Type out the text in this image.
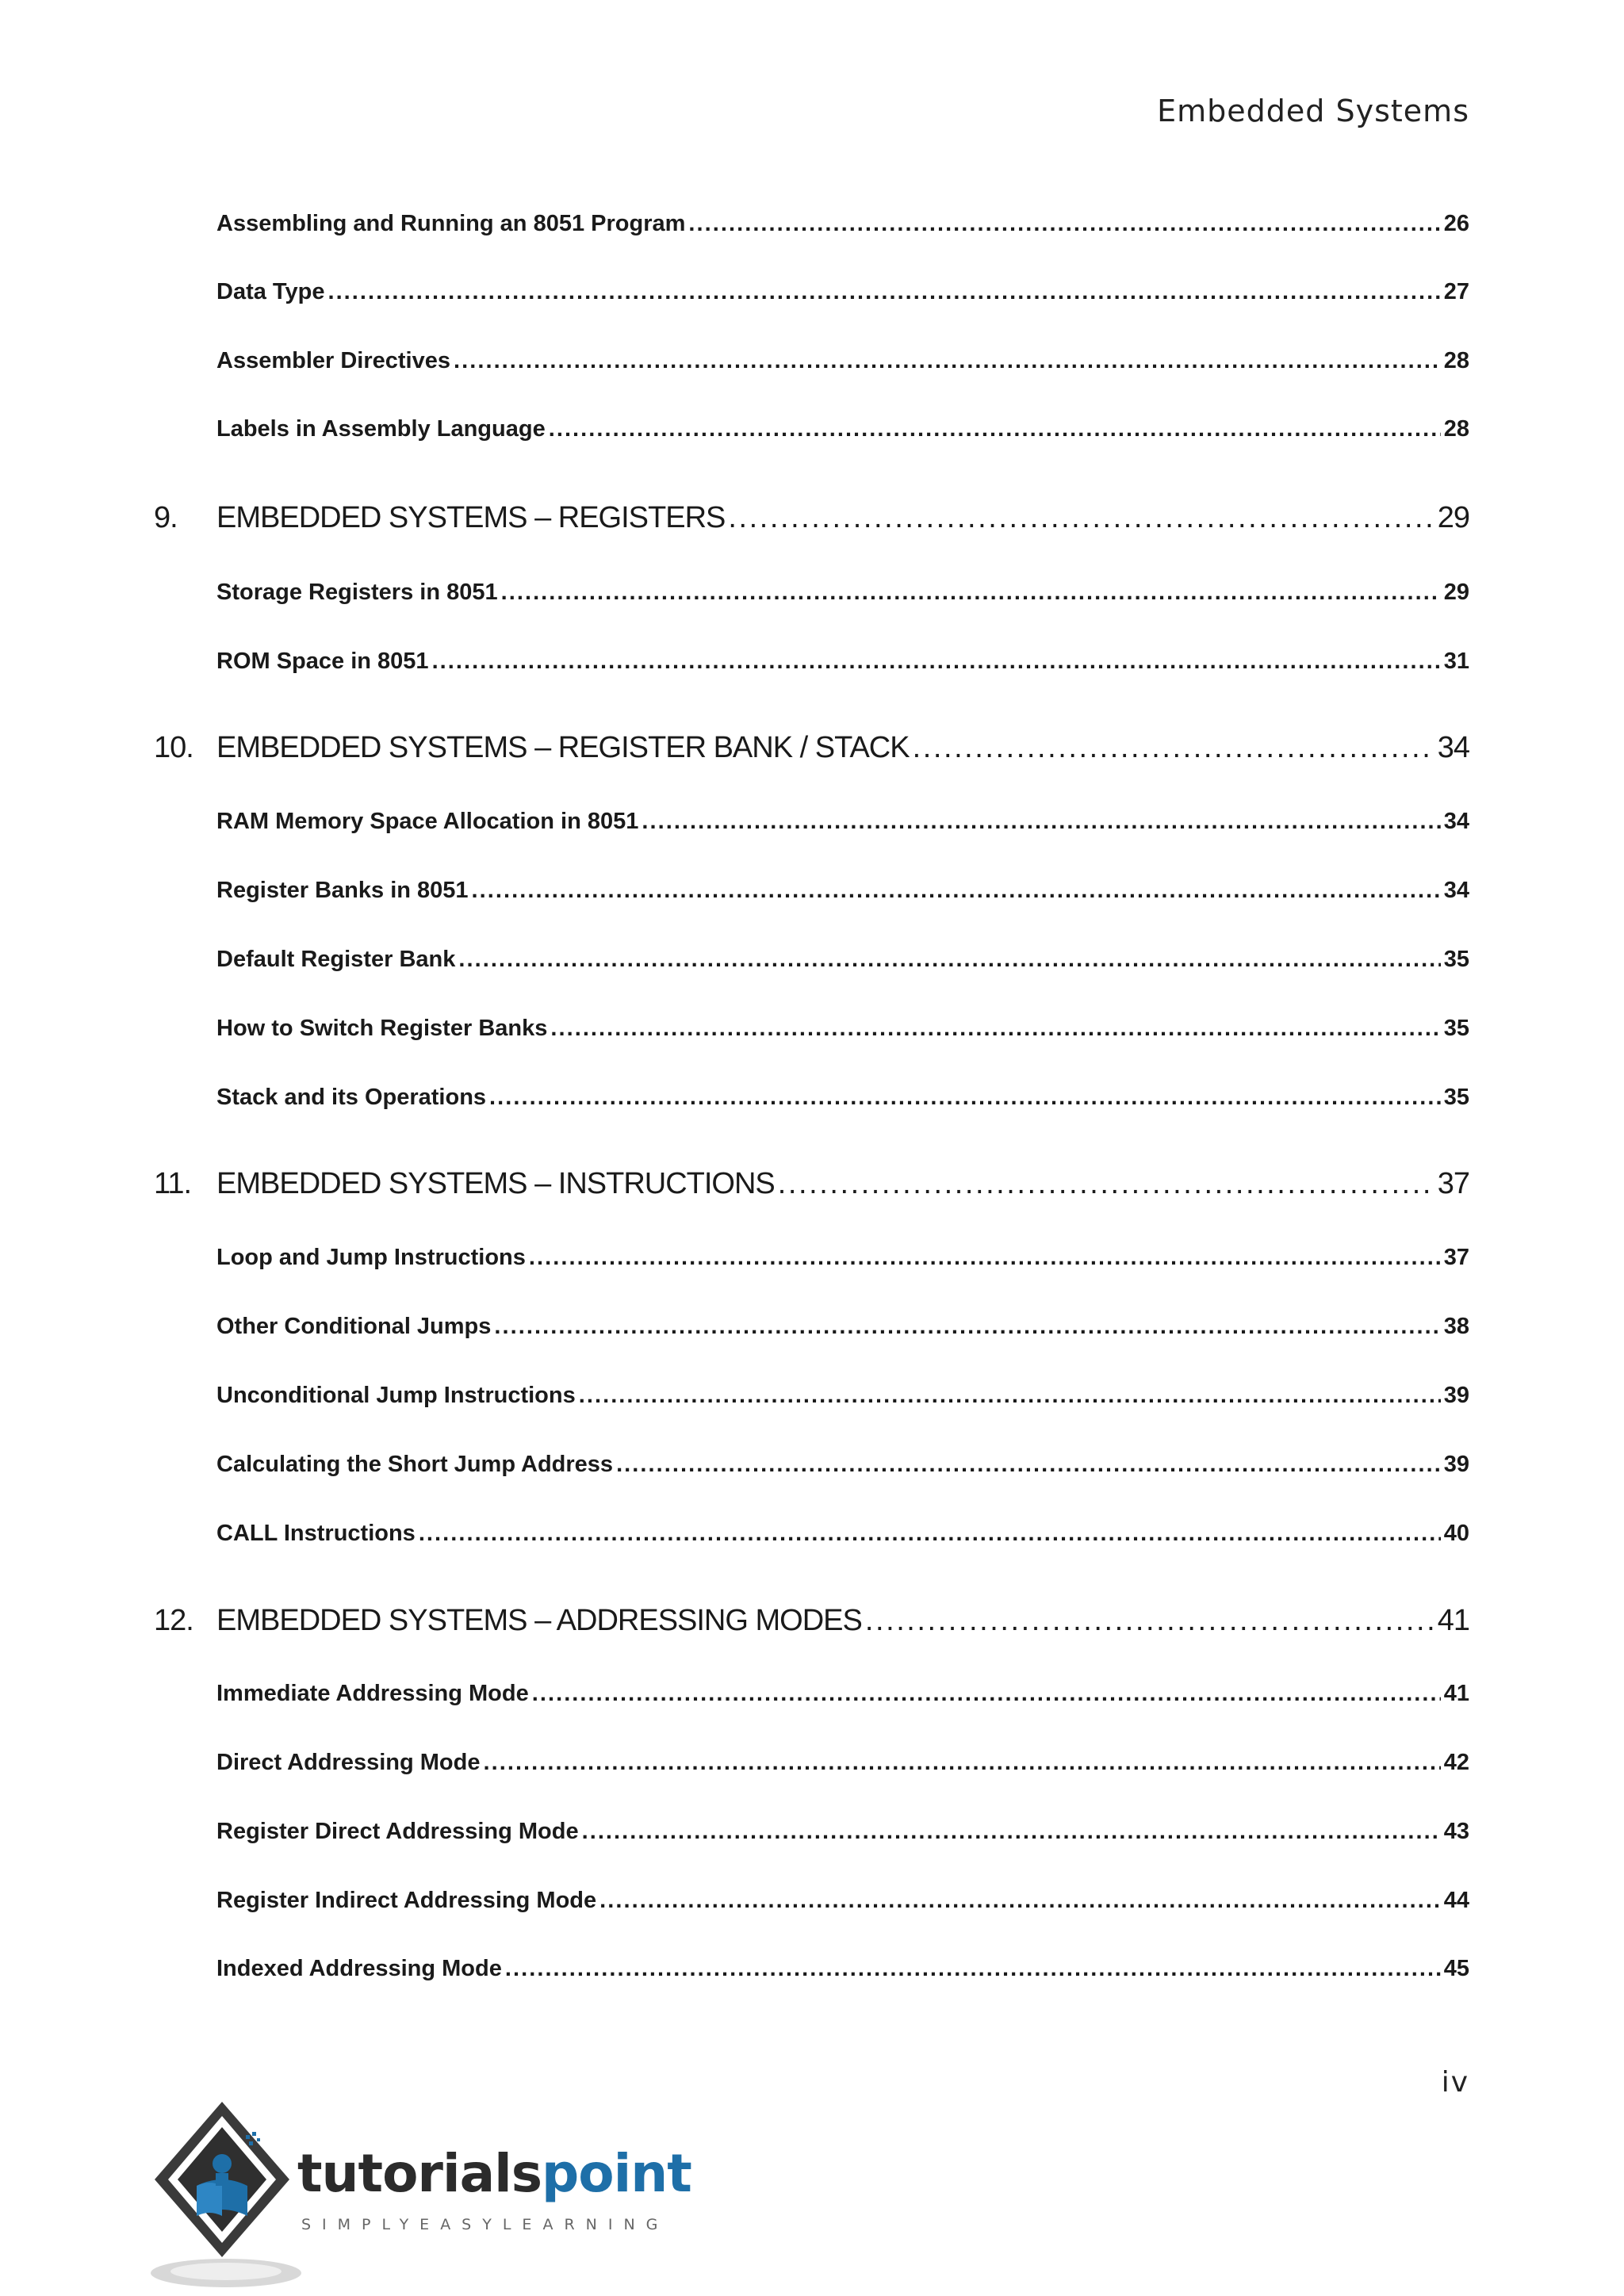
Embedded Systems
Assembling and Running an 8051 Program . . .	26
Data Type . . .	27
Assembler Directives . . .	28
Labels in Assembly Language . . .	28
9.	EMBEDDED SYSTEMS – REGISTERS . . .	29
Storage Registers in 8051 . . .	29
ROM Space in 8051 . . .	31
10. EMBEDDED SYSTEMS – REGISTER BANK / STACK . . .	34
RAM Memory Space Allocation in 8051 . . .	34
Register Banks in 8051 . . .	34
Default Register Bank . . .	35
How to Switch Register Banks . . .	35
Stack and its Operations . . .	35
11. EMBEDDED SYSTEMS – INSTRUCTIONS . . .	37
Loop and Jump Instructions . . .	37
Other Conditional Jumps . . .	38
Unconditional Jump Instructions . . .	39
Calculating the Short Jump Address . . .	39
CALL Instructions . . .	40
12. EMBEDDED SYSTEMS – ADDRESSING MODES . . .	41
Immediate Addressing Mode . . .	41
Direct Addressing Mode . . .	42
Register Direct Addressing Mode . . .	43
Register Indirect Addressing Mode . . .	44
Indexed Addressing Mode . . .	45
iv
tutorialspoint
SIMPLYEASYLEARNING
